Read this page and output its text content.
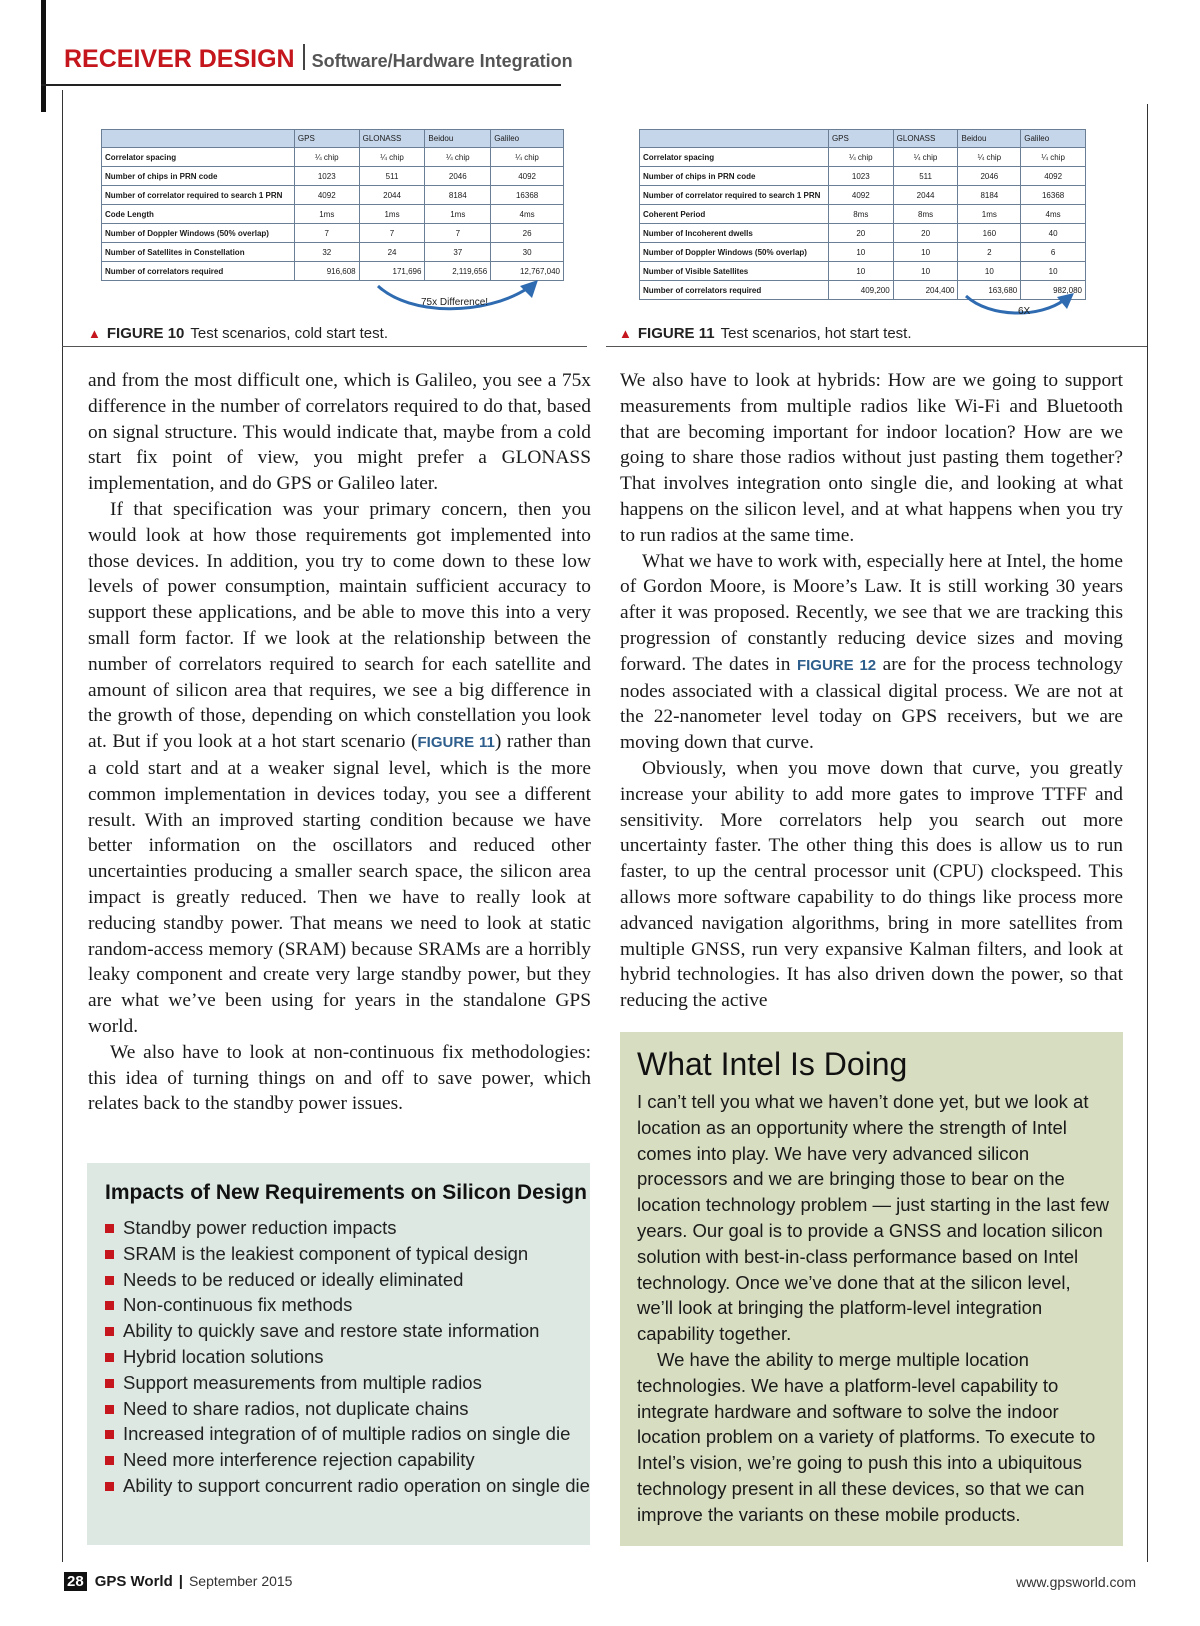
RECEIVER DESIGN Software/Hardware Integration
	GPS	GLONASS	Beidou	Galileo
Correlator spacing	¼ chip	¼ chip	¼ chip	¼ chip
Number of chips in PRN code	1023	511	2046	4092
Number of correlator required to search 1 PRN	4092	2044	8184	16368
Code Length	1ms	1ms	1ms	4ms
Number of Doppler Windows (50% overlap)	7	7	7	26
Number of Satellites in Constellation	32	24	37	30
Number of correlators required	916,608	171,696	2,119,656	12,767,040
75x Difference!
▲ FIGURE 10 Test scenarios, cold start test.
	GPS	GLONASS	Beidou	Galileo
Correlator spacing	¼ chip	¼ chip	¼ chip	¼ chip
Number of chips in PRN code	1023	511	2046	4092
Number of correlator required to search 1 PRN	4092	2044	8184	16368
Coherent Period	8ms	8ms	1ms	4ms
Number of Incoherent dwells	20	20	160	40
Number of Doppler Windows (50% overlap)	10	10	2	6
Number of Visible Satellites	10	10	10	10
Number of correlators required	409,200	204,400	163,680	982,080
6X
▲ FIGURE 11 Test scenarios, hot start test.

and from the most difficult one, which is Galileo, you see a 75x difference in the number of correlators required to do that, based on signal structure. This would indicate that, maybe from a cold start fix point of view, you might prefer a GLONASS implementation, and do GPS or Galileo later.

If that specification was your primary concern, then you would look at how those requirements got implemented into those devices. In addition, you try to come down to these low levels of power consumption, maintain sufficient accuracy to support these applications, and be able to move this into a very small form factor. If we look at the relationship between the number of correlators required to search for each satellite and amount of silicon area that requires, we see a big difference in the growth of those, depending on which constellation you look at. But if you look at a hot start scenario (FIGURE 11) rather than a cold start and at a weaker signal level, which is the more common implementation in devices today, you see a different result. With an improved starting condition because we have better information on the oscillators and reduced other uncertainties producing a smaller search space, the silicon area impact is greatly reduced. Then we have to really look at reducing standby power. That means we need to look at static random-access memory (SRAM) because SRAMs are a horribly leaky component and create very large standby power, but they are what we’ve been using for years in the standalone GPS world.

We also have to look at non-continuous fix methodologies: this idea of turning things on and off to save power, which relates back to the standby power issues.

We also have to look at hybrids: How are we going to support measurements from multiple radios like Wi-Fi and Bluetooth that are becoming important for indoor location? How are we going to share those radios without just pasting them together? That involves integration onto single die, and looking at what happens on the silicon level, and at what happens when you try to run radios at the same time.

What we have to work with, especially here at Intel, the home of Gordon Moore, is Moore’s Law. It is still working 30 years after it was proposed. Recently, we see that we are tracking this progression of constantly reducing device sizes and moving forward. The dates in FIGURE 12 are for the process technology nodes associated with a classical digital process. We are not at the 22-nanometer level today on GPS receivers, but we are moving down that curve.

Obviously, when you move down that curve, you greatly increase your ability to add more gates to improve TTFF and sensitivity. More correlators help you search out more uncertainty faster. The other thing this does is allow us to run faster, to up the central processor unit (CPU) clockspeed. This allows more software capability to do things like process more advanced navigation algorithms, bring in more satellites from multiple GNSS, run very expansive Kalman filters, and look at hybrid technologies. It has also driven down the power, so that reducing the active

Impacts of New Requirements on Silicon Design
Standby power reduction impacts
SRAM is the leakiest component of typical design
Needs to be reduced or ideally eliminated
Non-continuous fix methods
Ability to quickly save and restore state information
Hybrid location solutions
Support measurements from multiple radios
Need to share radios, not duplicate chains
Increased integration of of multiple radios on single die
Need more interference rejection capability
Ability to support concurrent radio operation on single die
What Intel Is Doing

I can’t tell you what we haven’t done yet, but we look at location as an opportunity where the strength of Intel comes into play. We have very advanced silicon processors and we are bringing those to bear on the location technology problem — just starting in the last few years. Our goal is to provide a GNSS and location silicon solution with best-in-class performance based on Intel technology. Once we’ve done that at the silicon level, we’ll look at bringing the platform-level integration capability together.

We have the ability to merge multiple location technologies. We have a platform-level capability to integrate hardware and software to solve the indoor location problem on a variety of platforms. To execute to Intel’s vision, we’re going to push this into a ubiquitous technology present in all these devices, so that we can improve the variants on these mobile products.

28 GPS World | September 2015	www.gpsworld.com
